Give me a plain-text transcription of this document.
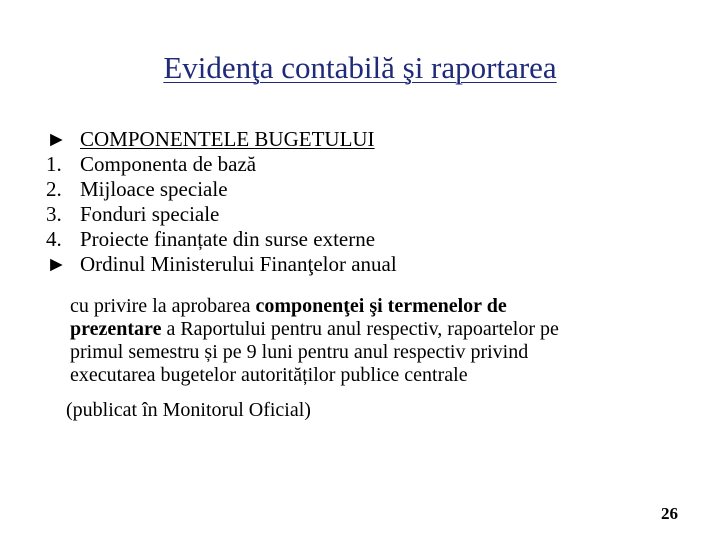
Evidenţa contabilă şi raportarea
► COMPONENTELE BUGETULUI
1. Componenta de bază
2. Mijloace speciale
3. Fonduri speciale
4. Proiecte finanțate din surse externe
► Ordinul Ministerului Finanţelor anual
cu privire la aprobarea componenţei şi termenelor de
prezentare a Raportului pentru anul respectiv, rapoartelor pe
primul semestru și pe 9 luni pentru anul respectiv privind
executarea bugetelor autorităților publice centrale
(publicat în Monitorul Oficial)
26
